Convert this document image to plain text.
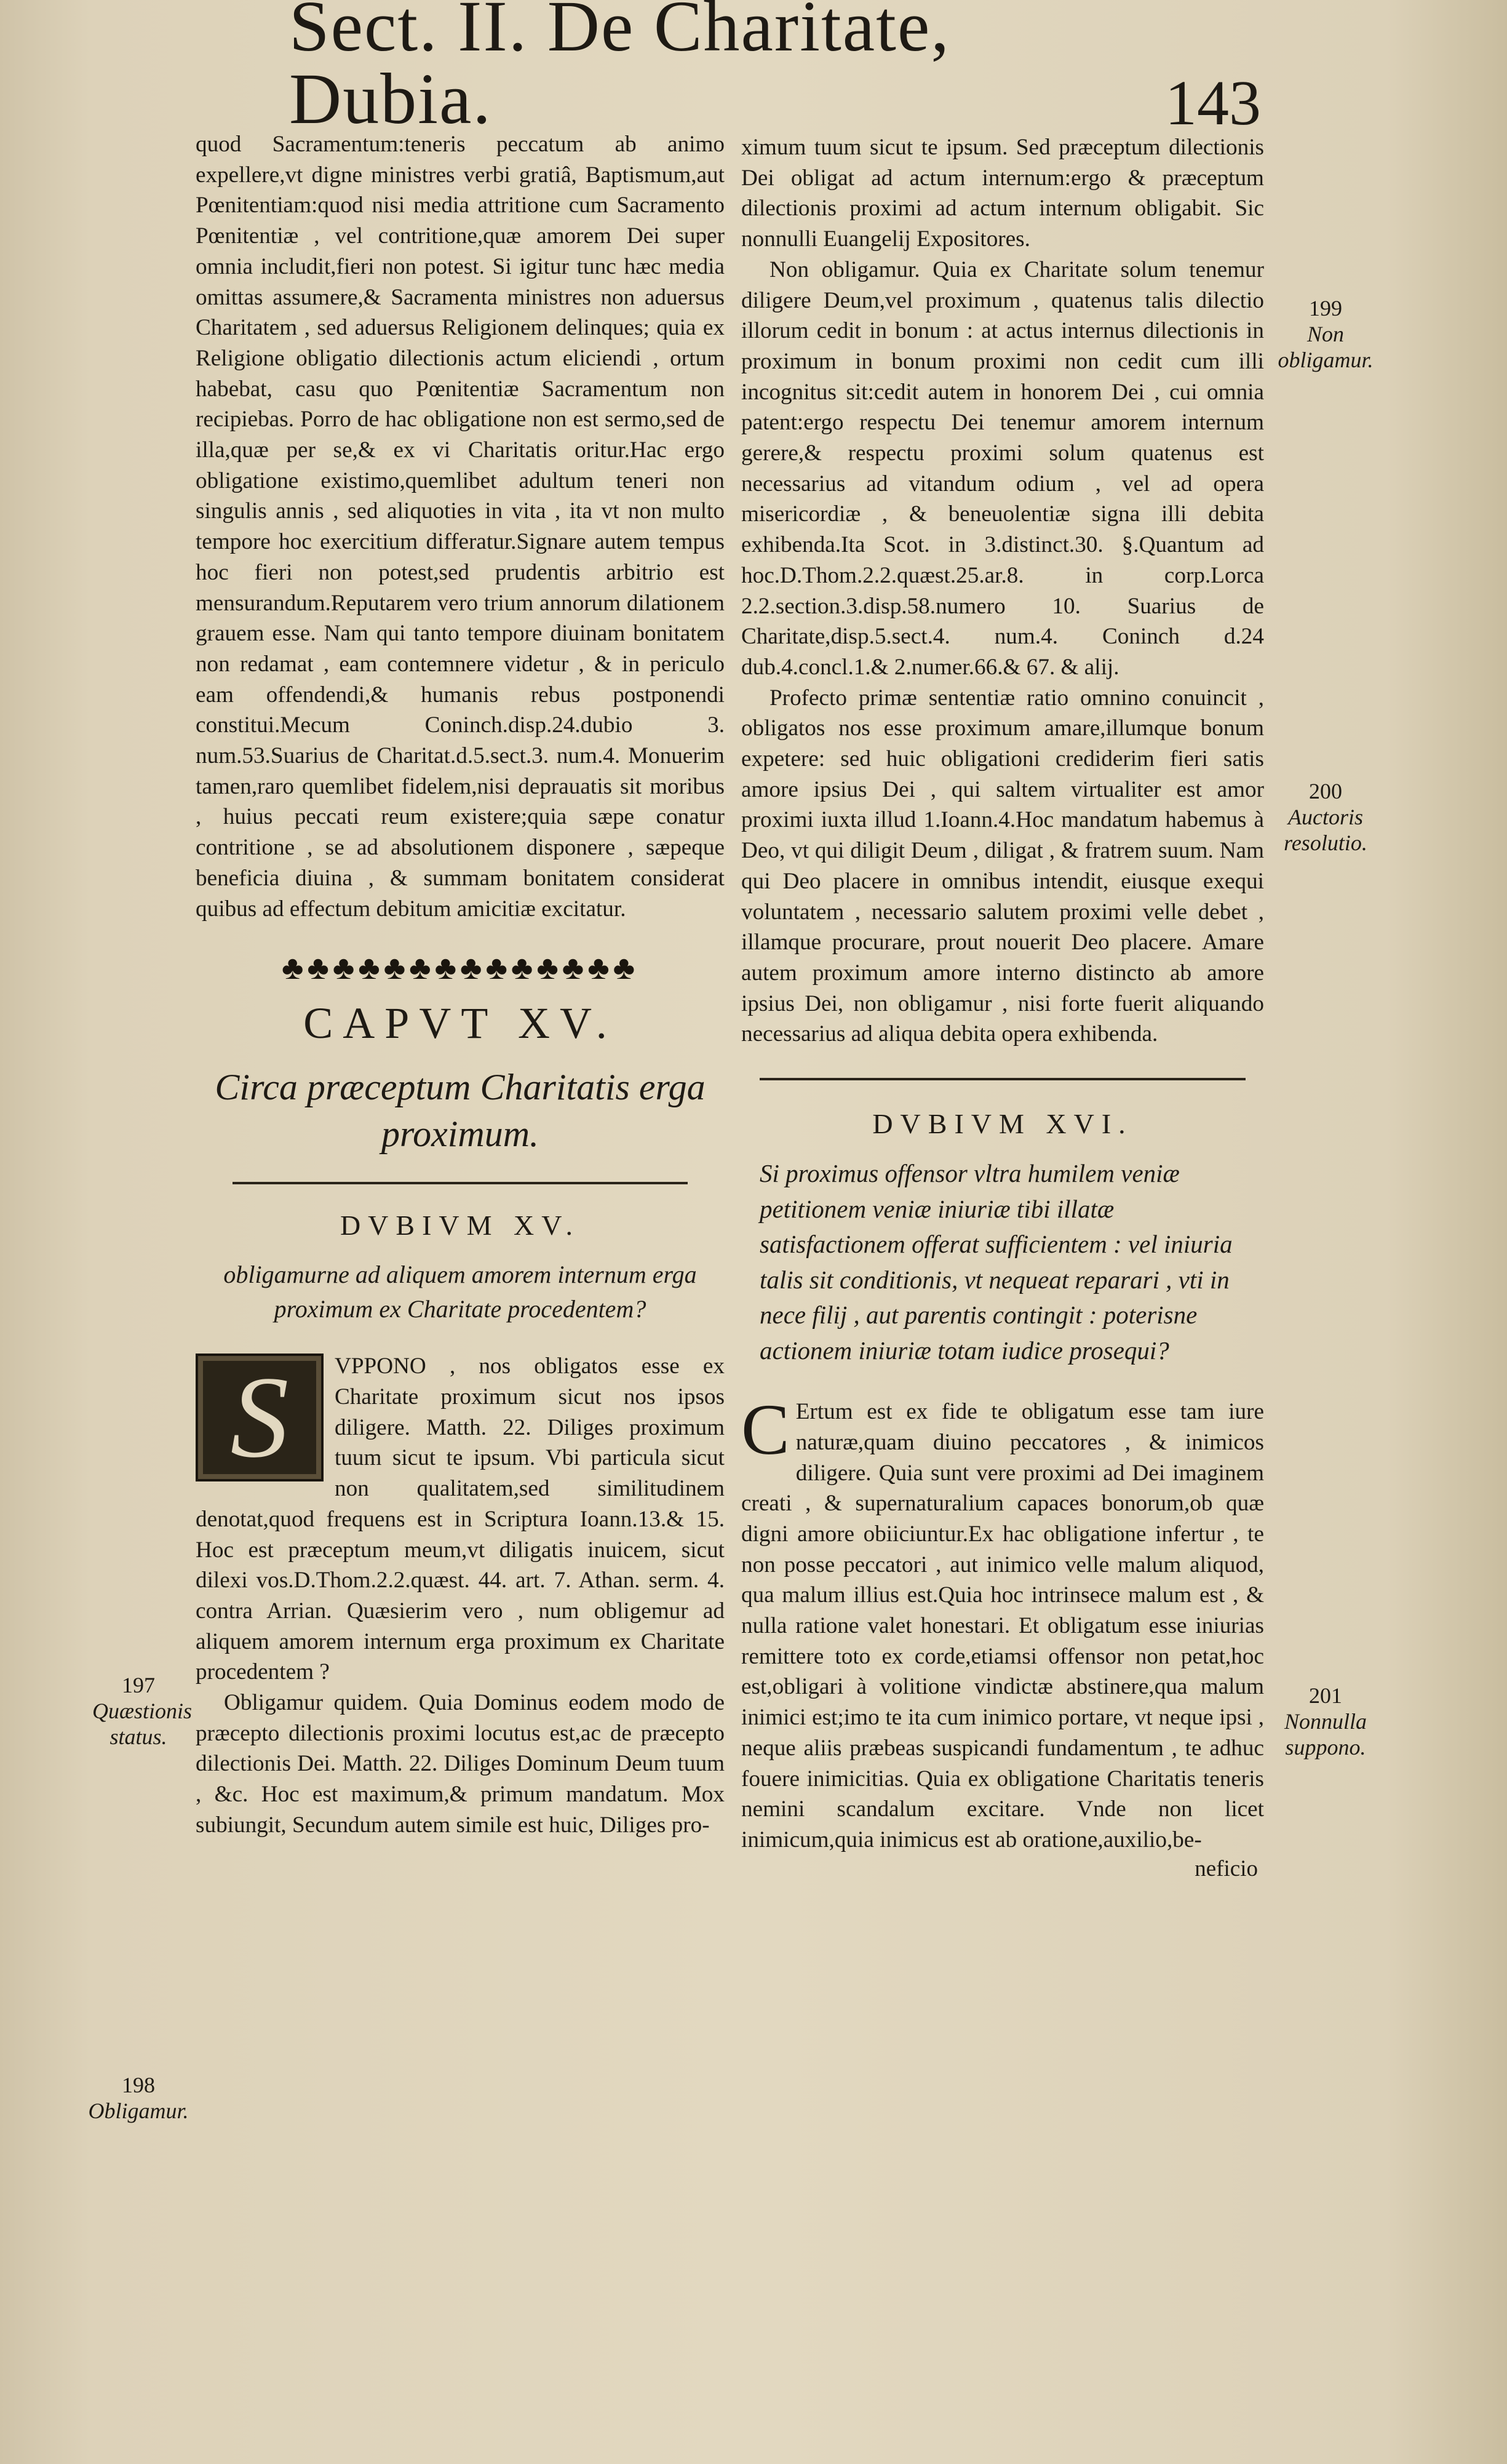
Sect. II. De Charitate, Dubia.	143

quod Sacramentum:teneris peccatum ab animo expellere,vt digne ministres verbi gratiâ, Baptismum,aut Pœnitentiam:quod nisi media attritione cum Sacramento Pœnitentiæ , vel contritione,quæ amorem Dei super omnia includit,fieri non potest. Si igitur tunc hæc media omittas assumere,& Sacramenta ministres non aduersus Charitatem , sed aduersus Religionem delinques; quia ex Religione obligatio dilectionis actum eliciendi , ortum habebat, casu quo Pœnitentiæ Sacramentum non recipiebas. Porro de hac obligatione non est sermo,sed de illa,quæ per se,& ex vi Charitatis oritur.Hac ergo obligatione existimo,quemlibet adultum teneri non singulis annis , sed aliquoties in vita , ita vt non multo tempore hoc exercitium differatur.Signare autem tempus hoc fieri non potest,sed prudentis arbitrio est mensurandum.Reputarem vero trium annorum dilationem grauem esse. Nam qui tanto tempore diuinam bonitatem non redamat , eam contemnere videtur , & in periculo eam offendendi,& humanis rebus postponendi constitui.Mecum Coninch.disp.24.dubio 3. num.53.Suarius de Charitat.d.5.sect.3. num.4. Monuerim tamen,raro quemlibet fidelem,nisi deprauatis sit moribus , huius peccati reum existere;quia sæpe conatur contritione , se ad absolutionem disponere , sæpeque beneficia diuina , & summam bonitatem considerat quibus ad effectum debitum amicitiæ excitatur.

♣♣♣♣♣♣♣♣♣♣♣♣♣♣
CAPVT XV.
Circa præceptum Charitatis erga proximum.
DVBIVM XV.
obligamurne ad aliquem amorem internum erga proximum ex Charitate procedentem?
S	VPPONO , nos obligatos esse ex Charitate proximum sicut nos ipsos diligere. Matth. 22. Diliges proximum tuum sicut te ipsum. Vbi particula sicut non qualitatem,sed similitudinem denotat,quod frequens est in Scriptura Ioann.13.& 15. Hoc est præceptum meum,vt diligatis inuicem, sicut dilexi vos.D.Thom.2.2.quæst. 44. art. 7. Athan. serm. 4. contra Arrian. Quæsierim vero , num obligemur ad aliquem amorem internum erga proximum ex Charitate procedentem ?

Obligamur quidem. Quia Dominus eodem modo de præcepto dilectionis proximi locutus est,ac de præcepto dilectionis Dei. Matth. 22. Diliges Dominum Deum tuum , &c. Hoc est maximum,& primum mandatum. Mox subiungit, Secundum autem simile est huic, Diliges pro-

ximum tuum sicut te ipsum. Sed præceptum dilectionis Dei obligat ad actum internum:ergo & præceptum dilectionis proximi ad actum internum obligabit. Sic nonnulli Euangelij Expositores.

Non obligamur. Quia ex Charitate solum tenemur diligere Deum,vel proximum , quatenus talis dilectio illorum cedit in bonum : at actus internus dilectionis in proximum in bonum proximi non cedit cum illi incognitus sit:cedit autem in honorem Dei , cui omnia patent:ergo respectu Dei tenemur amorem internum gerere,& respectu proximi solum quatenus est necessarius ad vitandum odium , vel ad opera misericordiæ , & beneuolentiæ signa illi debita exhibenda.Ita Scot. in 3.distinct.30. §.Quantum ad hoc.D.Thom.2.2.quæst.25.ar.8. in corp.Lorca 2.2.section.3.disp.58.numero 10. Suarius de Charitate,disp.5.sect.4. num.4. Coninch d.24 dub.4.concl.1.& 2.numer.66.& 67. & alij.

Profecto primæ sententiæ ratio omnino conuincit , obligatos nos esse proximum amare,illumque bonum expetere: sed huic obligationi crediderim fieri satis amore ipsius Dei , qui saltem virtualiter est amor proximi iuxta illud 1.Ioann.4.Hoc mandatum habemus à Deo, vt qui diligit Deum , diligat , & fratrem suum. Nam qui Deo placere in omnibus intendit, eiusque exequi voluntatem , necessario salutem proximi velle debet , illamque procurare, prout nouerit Deo placere. Amare autem proximum amore interno distincto ab amore ipsius Dei, non obligamur , nisi forte fuerit aliquando necessarius ad aliqua debita opera exhibenda.

DVBIVM XVI.
Si proximus offensor vltra humilem veniæ petitionem veniæ iniuriæ tibi illatæ satisfactionem offerat sufficientem : vel iniuria talis sit conditionis, vt nequeat reparari , vti in nece filij , aut parentis contingit : poterisne actionem iniuriæ totam iudice prosequi?
C Ertum est ex fide te obligatum esse tam iure naturæ,quam diuino peccatores , & inimicos diligere. Quia sunt vere proximi ad Dei imaginem creati , & supernaturalium capaces bonorum,ob quæ digni amore obiiciuntur.Ex hac obligatione infertur , te non posse peccatori , aut inimico velle malum aliquod, qua malum illius est.Quia hoc intrinsece malum est , & nulla ratione valet honestari. Et obligatum esse iniurias remittere toto ex corde,etiamsi offensor non petat,hoc est,obligari à volitione vindictæ abstinere,qua malum inimici est;imo te ita cum inimico portare, vt neque ipsi , neque aliis præbeas suspicandi fundamentum , te adhuc fouere inimicitias. Quia ex obligatione Charitatis teneris nemini scandalum excitare. Vnde non licet inimicum,quia inimicus est ab oratione,auxilio,be-

neficio
197
Quæstionis status.
198
Obligamur.
199
Non obligamur.
200
Auctoris resolutio.
201
Nonnulla suppono.
